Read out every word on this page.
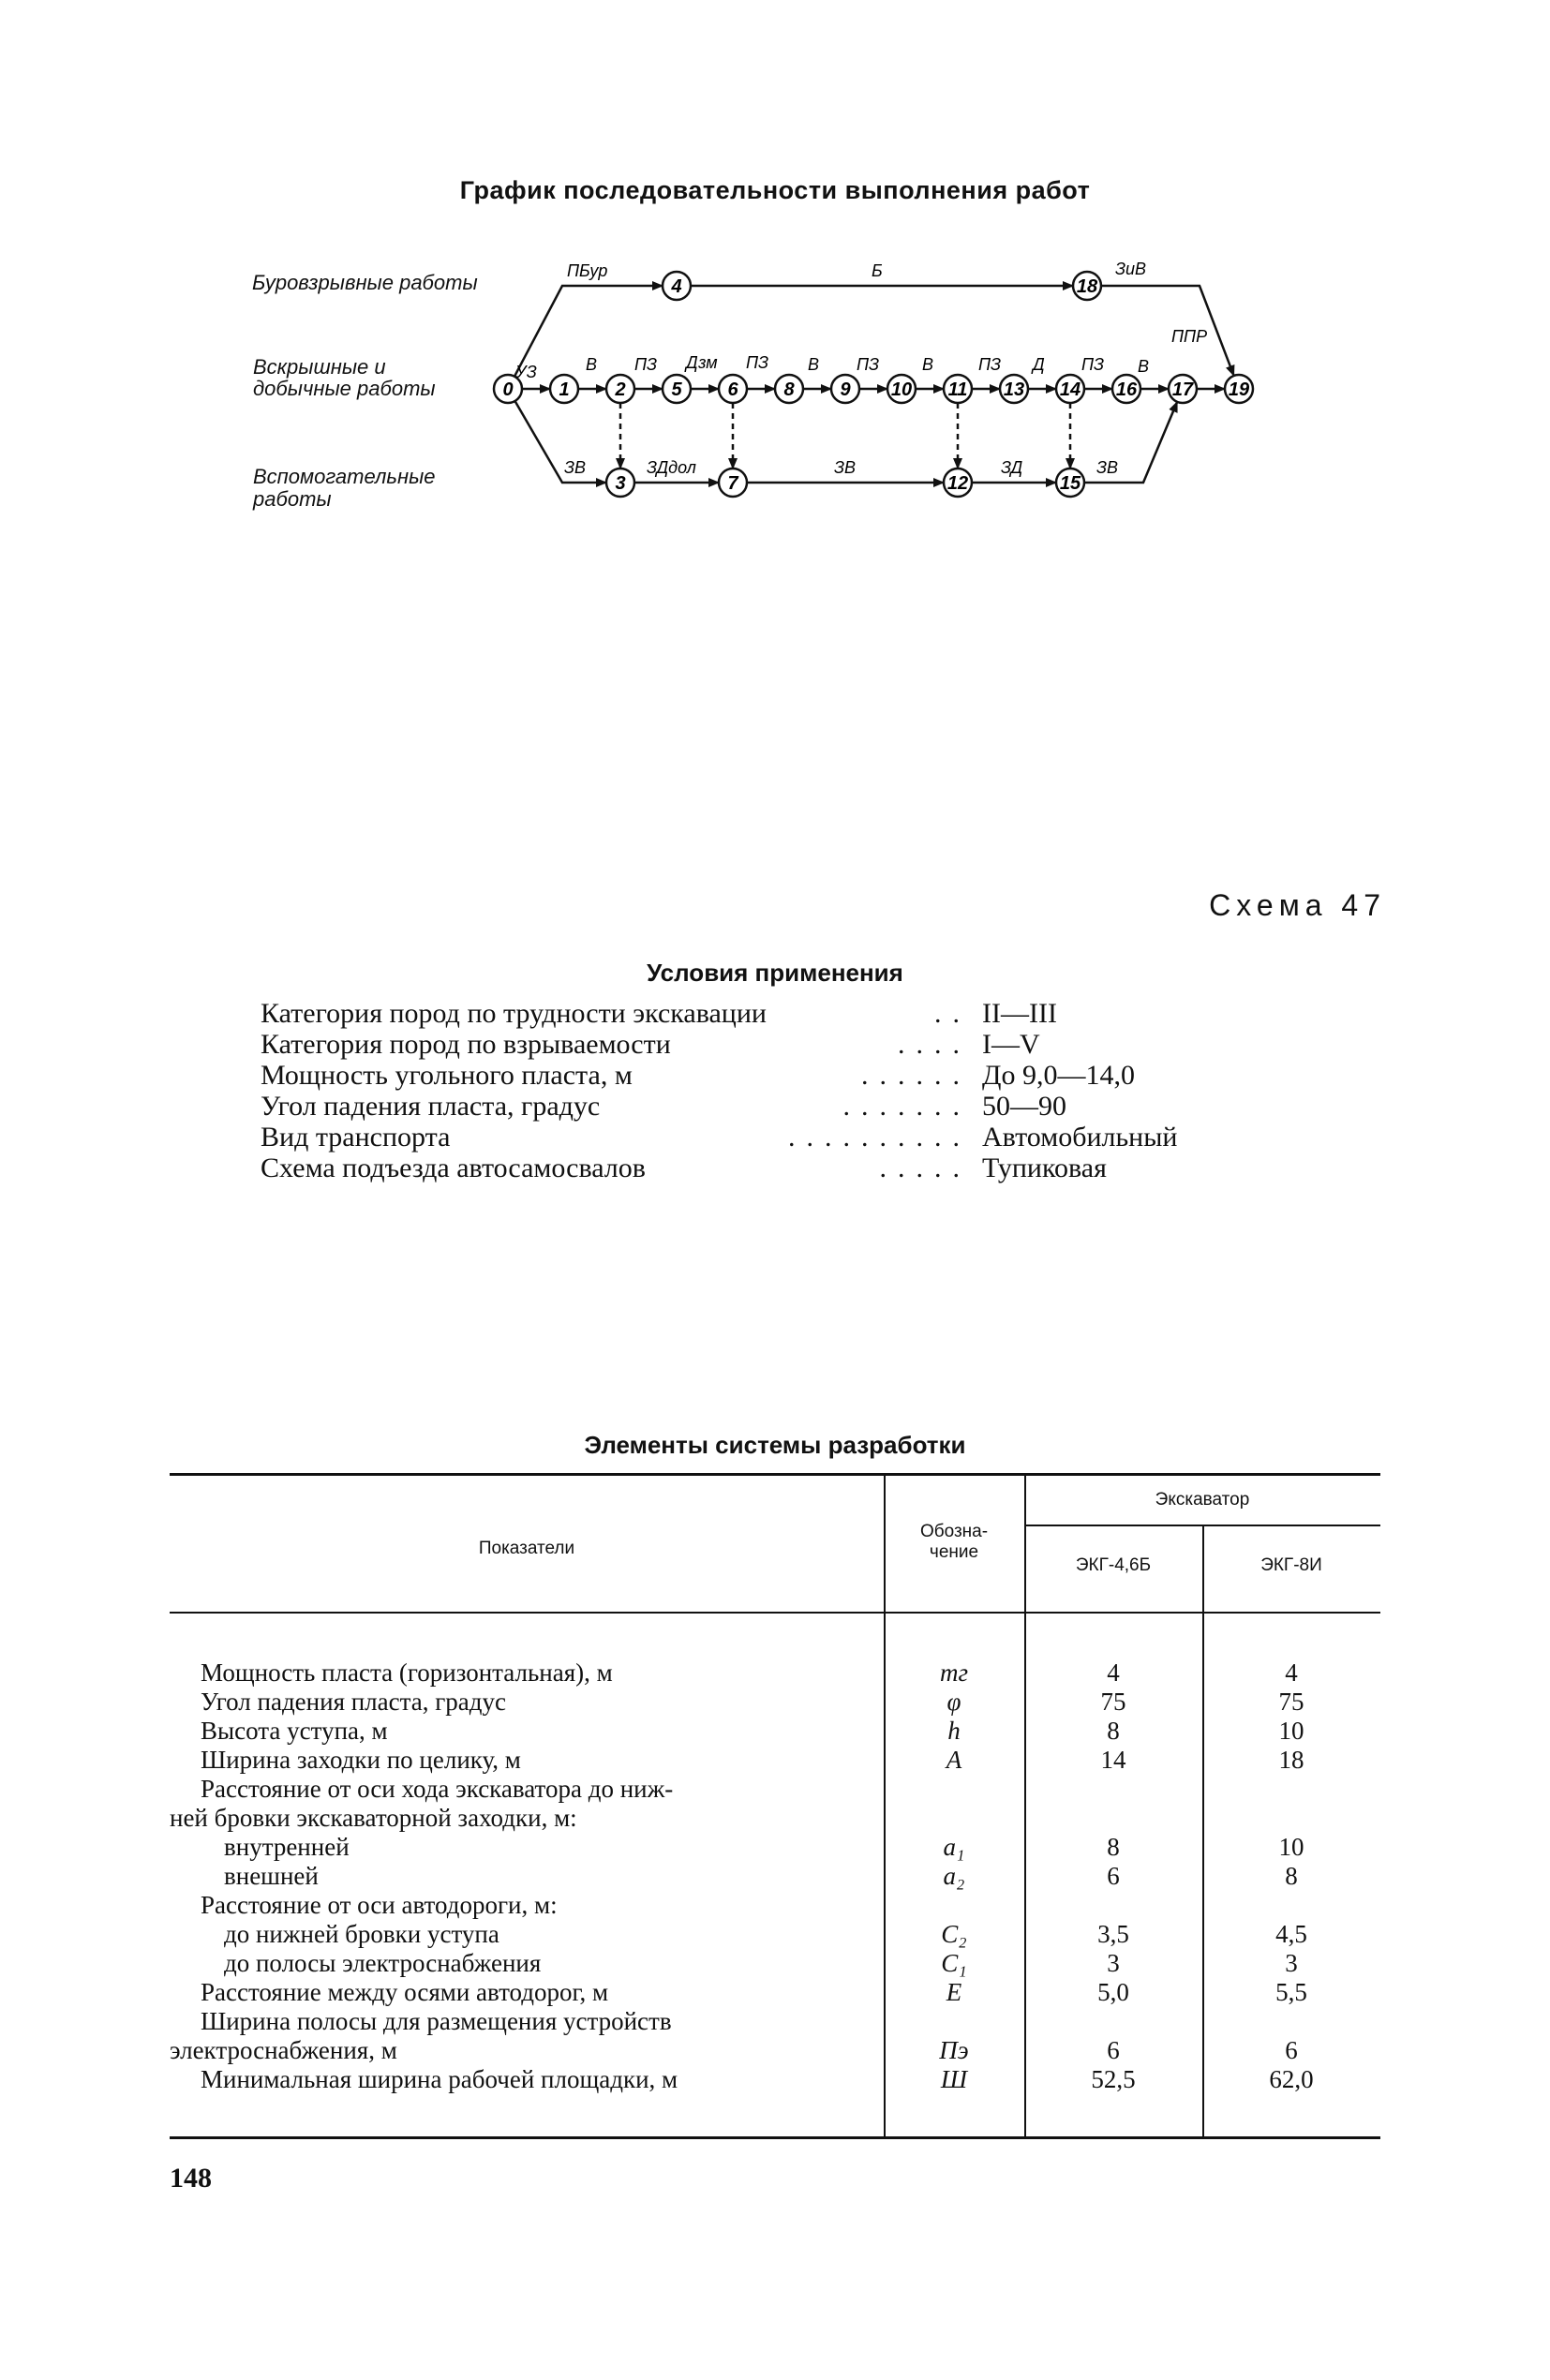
График последовательности выполнения работ
Буровзрывные работы
Вскрышные и
добычные работы
Вспомогательные
работы
0 1 2
3
4
5 6
7
8 9 10 11
12
13 14
15
16 17
18
19
ПБур	Б	ЗиВ
УЗ	В ПЗ Дзм ПЗ В ПЗ	В	ПЗ Д ПЗ В
ППР
ЗВ	ЗДдол	ЗВ	ЗД	ЗВ
Схема 47
Условия применения
Категория пород по трудности экскавации	.. II—III
Категория пород по взрываемости	.... I—V
Мощность угольного пласта, м	...... До 9,0—14,0
Угол падения пласта, градус	....... 50—90
Вид транспорта	.......... Автомобильный
Схема подъезда автосамосвалов	..... Тупиковая
Элементы системы разработки
Показатели
Обозна-
чение
Экскаватор
ЭКГ-4,6Б	ЭКГ-8И
Мощность пласта (горизонтальная), м	mг	4	4
Угол падения пласта, градус	φ	75	75
Высота уступа, м	h	8	10
Ширина заходки по целику, м	A	14	18
Расстояние от оси хода экскаватора до ниж-
ней бровки экскаваторной заходки, м:
внутренней	a₁	8	10
внешней	a₂	6	8
Расстояние от оси автодороги, м:
до нижней бровки уступа	C₂	3,5	4,5
до полосы электроснабжения	C₁	3	3
Расстояние между осями автодорог, м	E	5,0	5,5
Ширина полосы для размещения устройств
электроснабжения, м	Пэ	6	6
Минимальная ширина рабочей площадки, м	Ш	52,5	62,0
148
